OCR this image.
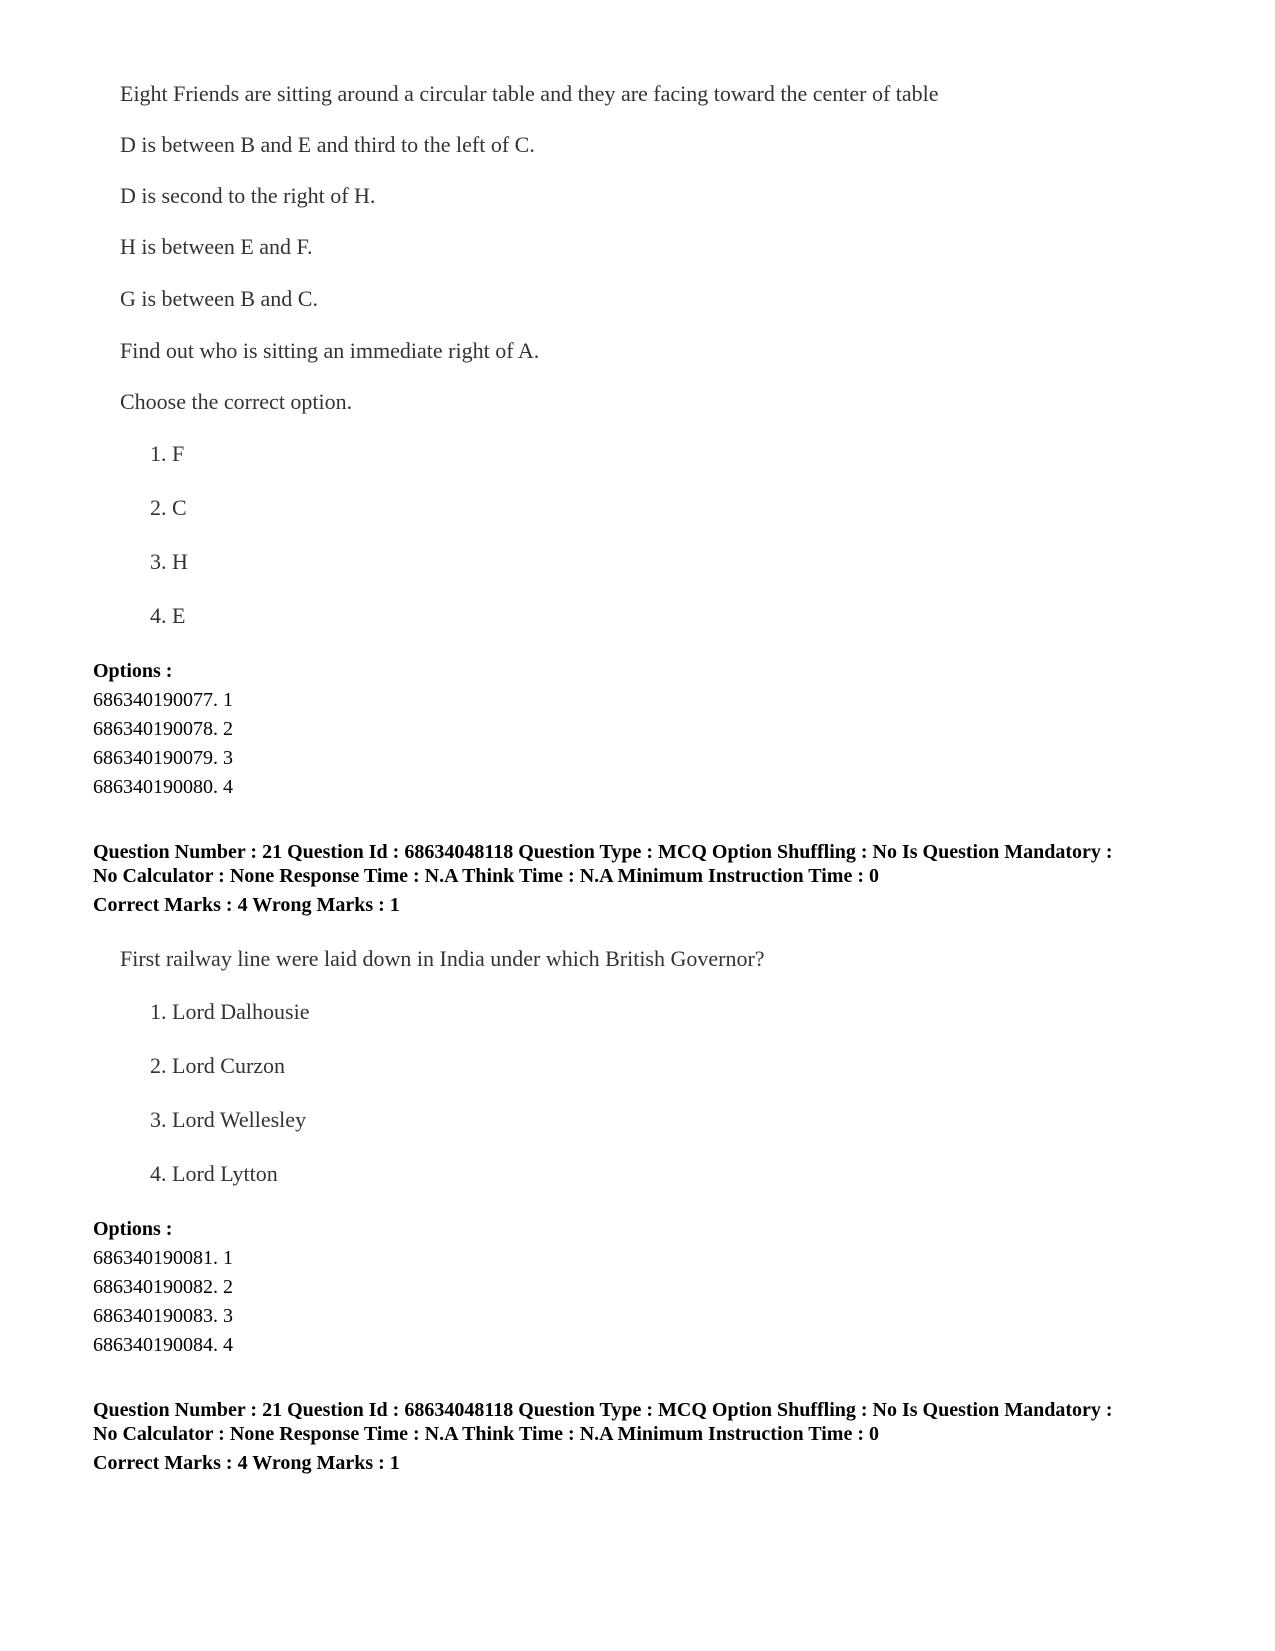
Eight Friends are sitting around a circular table and they are facing toward the center of table
D is between B and E and third to the left of C.
D is second to the right of H.
H is between E and F.
G is between B and C.
Find out who is sitting an immediate right of A.
Choose the correct option.
1. F
2. C
3. H
4. E
Options :
686340190077. 1
686340190078. 2
686340190079. 3
686340190080. 4
Question Number : 21 Question Id : 68634048118 Question Type : MCQ Option Shuffling : No Is Question Mandatory :
No Calculator : None Response Time : N.A Think Time : N.A Minimum Instruction Time : 0
Correct Marks : 4 Wrong Marks : 1
First railway line were laid down in India under which British Governor?
1. Lord Dalhousie
2. Lord Curzon
3. Lord Wellesley
4. Lord Lytton
Options :
686340190081. 1
686340190082. 2
686340190083. 3
686340190084. 4
Question Number : 21 Question Id : 68634048118 Question Type : MCQ Option Shuffling : No Is Question Mandatory :
No Calculator : None Response Time : N.A Think Time : N.A Minimum Instruction Time : 0
Correct Marks : 4 Wrong Marks : 1
